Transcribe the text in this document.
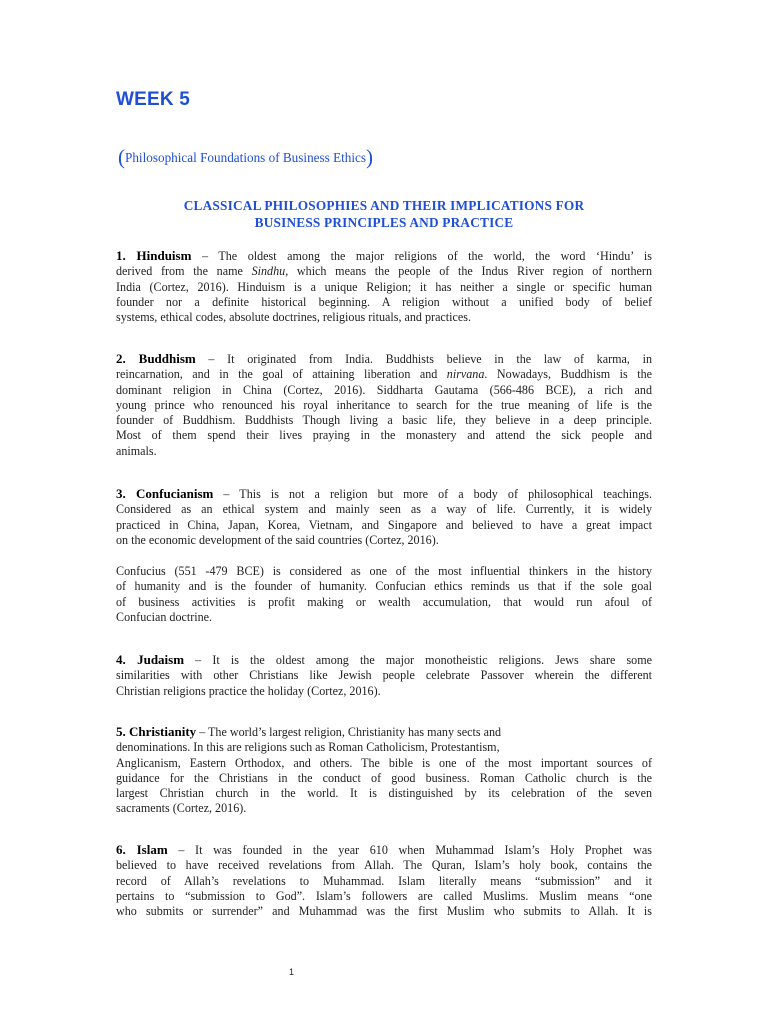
WEEK 5
(Philosophical Foundations of Business Ethics)
CLASSICAL PHILOSOPHIES AND THEIR IMPLICATIONS FOR
BUSINESS PRINCIPLES AND PRACTICE
1. Hinduism – The oldest among the major religions of the world, the word ‘Hindu’ is
derived from the name Sindhu, which means the people of the Indus River region of northern
India (Cortez, 2016). Hinduism is a unique Religion; it has neither a single or specific human
founder nor a definite historical beginning. A religion without a unified body of belief
systems, ethical codes, absolute doctrines, religious rituals, and practices.
2. Buddhism – It originated from India. Buddhists believe in the law of karma, in
reincarnation, and in the goal of attaining liberation and nirvana. Nowadays, Buddhism is the
dominant religion in China (Cortez, 2016). Siddharta Gautama (566-486 BCE), a rich and
young prince who renounced his royal inheritance to search for the true meaning of life is the
founder of Buddhism. Buddhists Though living a basic life, they believe in a deep principle.
Most of them spend their lives praying in the monastery and attend the sick people and
animals.
3. Confucianism – This is not a religion but more of a body of philosophical teachings.
Considered as an ethical system and mainly seen as a way of life. Currently, it is widely
practiced in China, Japan, Korea, Vietnam, and Singapore and believed to have a great impact
on the economic development of the said countries (Cortez, 2016).
Confucius (551 -479 BCE) is considered as one of the most influential thinkers in the history
of humanity and is the founder of humanity. Confucian ethics reminds us that if the sole goal
of business activities is profit making or wealth accumulation, that would run afoul of
Confucian doctrine.
4. Judaism – It is the oldest among the major monotheistic religions. Jews share some
similarities with other Christians like Jewish people celebrate Passover wherein the different
Christian religions practice the holiday (Cortez, 2016).
5. Christianity – The world’s largest religion, Christianity has many sects and
denominations. In this are religions such as Roman Catholicism, Protestantism,
Anglicanism, Eastern Orthodox, and others. The bible is one of the most important sources of
guidance for the Christians in the conduct of good business. Roman Catholic church is the
largest Christian church in the world. It is distinguished by its celebration of the seven
sacraments (Cortez, 2016).
6. Islam – It was founded in the year 610 when Muhammad Islam’s Holy Prophet was
believed to have received revelations from Allah. The Quran, Islam’s holy book, contains the
record of Allah’s revelations to Muhammad. Islam literally means “submission” and it
pertains to “submission to God”. Islam’s followers are called Muslims. Muslim means “one
who submits or surrender” and Muhammad was the first Muslim who submits to Allah. It is
1
